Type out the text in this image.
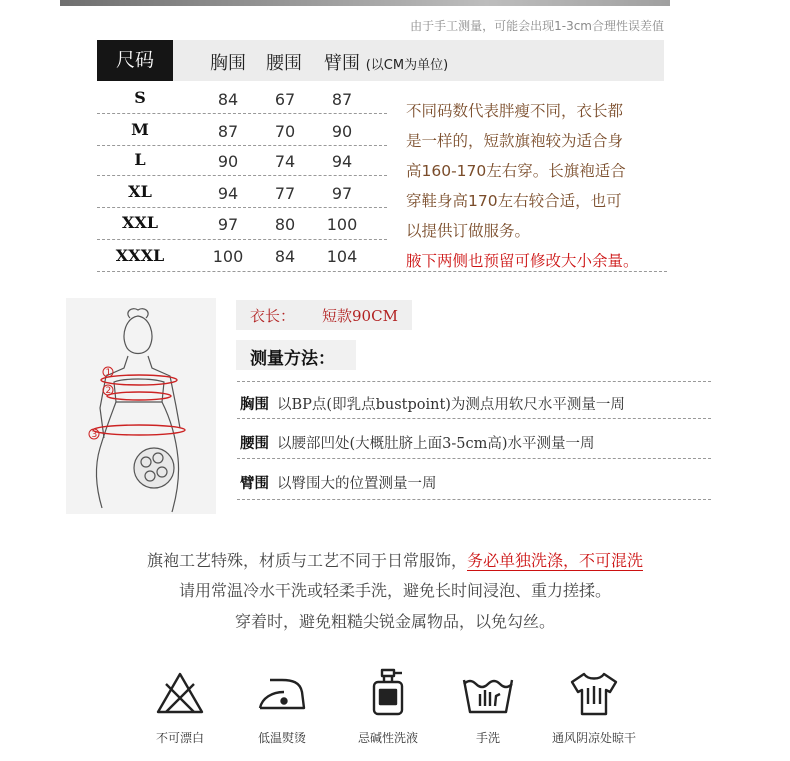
由于手工测量，可能会出现1-3cm合理性误差值
尺码	胸围 腰围 臂围 (以CM为单位)
S	84	67	87
M	87	70	90
L	90	74	94
XL	94	77	97
XXL	97	80	100
XXXL	100	84	104
不同码数代表胖瘦不同，衣长都
是一样的，短款旗袍较为适合身
高160-170左右穿。长旗袍适合
穿鞋身高170左右较合适，也可
以提供订做服务。
腋下两侧也预留可修改大小余量。
1
2
3
衣长： 短款90CM
测量方法：
胸围 以BP点(即乳点bustpoint)为测点用软尺水平测量一周
腰围 以腰部凹处(大概肚脐上面3-5cm高)水平测量一周
臂围 以臀围大的位置测量一周
旗袍工艺特殊，材质与工艺不同于日常服饰，务必单独洗涤，不可混洗
请用常温冷水干洗或轻柔手洗，避免长时间浸泡、重力搓揉。
穿着时，避免粗糙尖锐金属物品，以免勾丝。
不可漂白	低温熨烫	忌碱性洗液	手洗	通风阴凉处晾干
